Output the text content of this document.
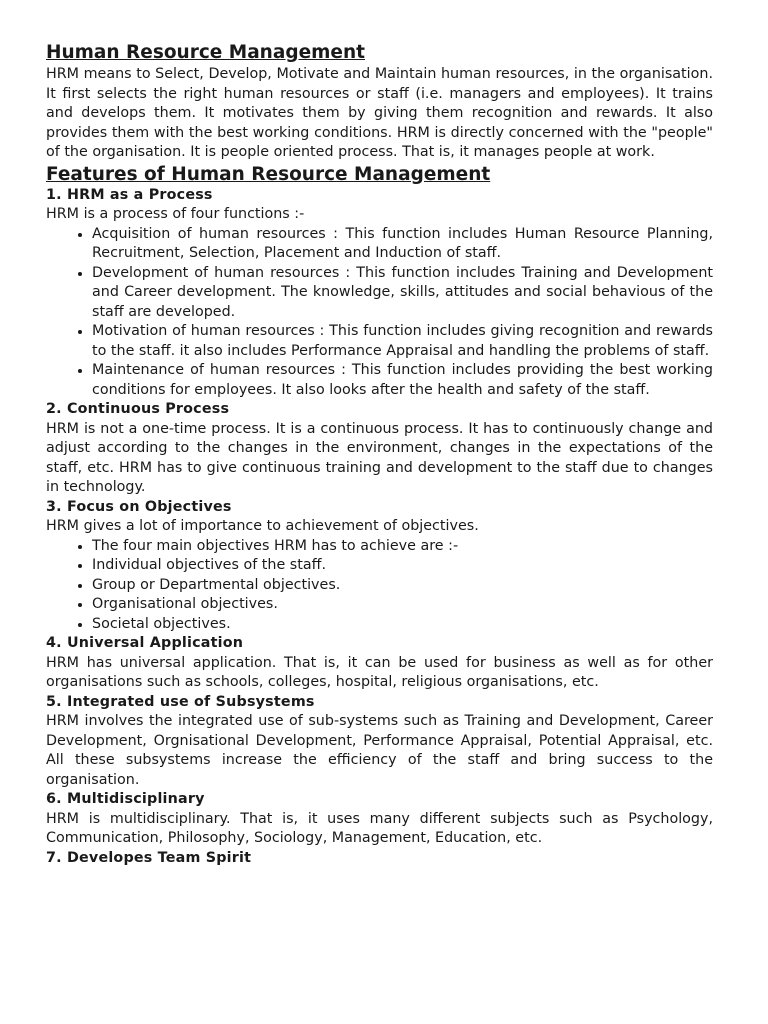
Human Resource Management

HRM means to Select, Develop, Motivate and Maintain human resources, in the organisation. It first selects the right human resources or staff (i.e. managers and employees). It trains and develops them. It motivates them by giving them recognition and rewards. It also provides them with the best working conditions. HRM is directly concerned with the "people" of the organisation. It is people oriented process. That is, it manages people at work.

Features of Human Resource Management
1. HRM as a Process

HRM is a process of four functions :-

• Acquisition of human resources : This function includes Human Resource Planning, Recruitment, Selection, Placement and Induction of staff.
• Development of human resources : This function includes Training and Development and Career development. The knowledge, skills, attitudes and social behavious of the staff are developed.
• Motivation of human resources : This function includes giving recognition and rewards to the staff. it also includes Performance Appraisal and handling the problems of staff.
• Maintenance of human resources : This function includes providing the best working conditions for employees. It also looks after the health and safety of the staff.
2. Continuous Process

HRM is not a one-time process. It is a continuous process. It has to continuously change and adjust according to the changes in the environment, changes in the expectations of the staff, etc. HRM has to give continuous training and development to the staff due to changes in technology.

3. Focus on Objectives

HRM gives a lot of importance to achievement of objectives.

• The four main objectives HRM has to achieve are :-
• Individual objectives of the staff.
• Group or Departmental objectives.
• Organisational objectives.
• Societal objectives.
4. Universal Application

HRM has universal application. That is, it can be used for business as well as for other organisations such as schools, colleges, hospital, religious organisations, etc.

5. Integrated use of Subsystems

HRM involves the integrated use of sub-systems such as Training and Development, Career Development, Orgnisational Development, Performance Appraisal, Potential Appraisal, etc. All these subsystems increase the efficiency of the staff and bring success to the organisation.

6. Multidisciplinary

HRM is multidisciplinary. That is, it uses many different subjects such as Psychology, Communication, Philosophy, Sociology, Management, Education, etc.

7. Developes Team Spirit
